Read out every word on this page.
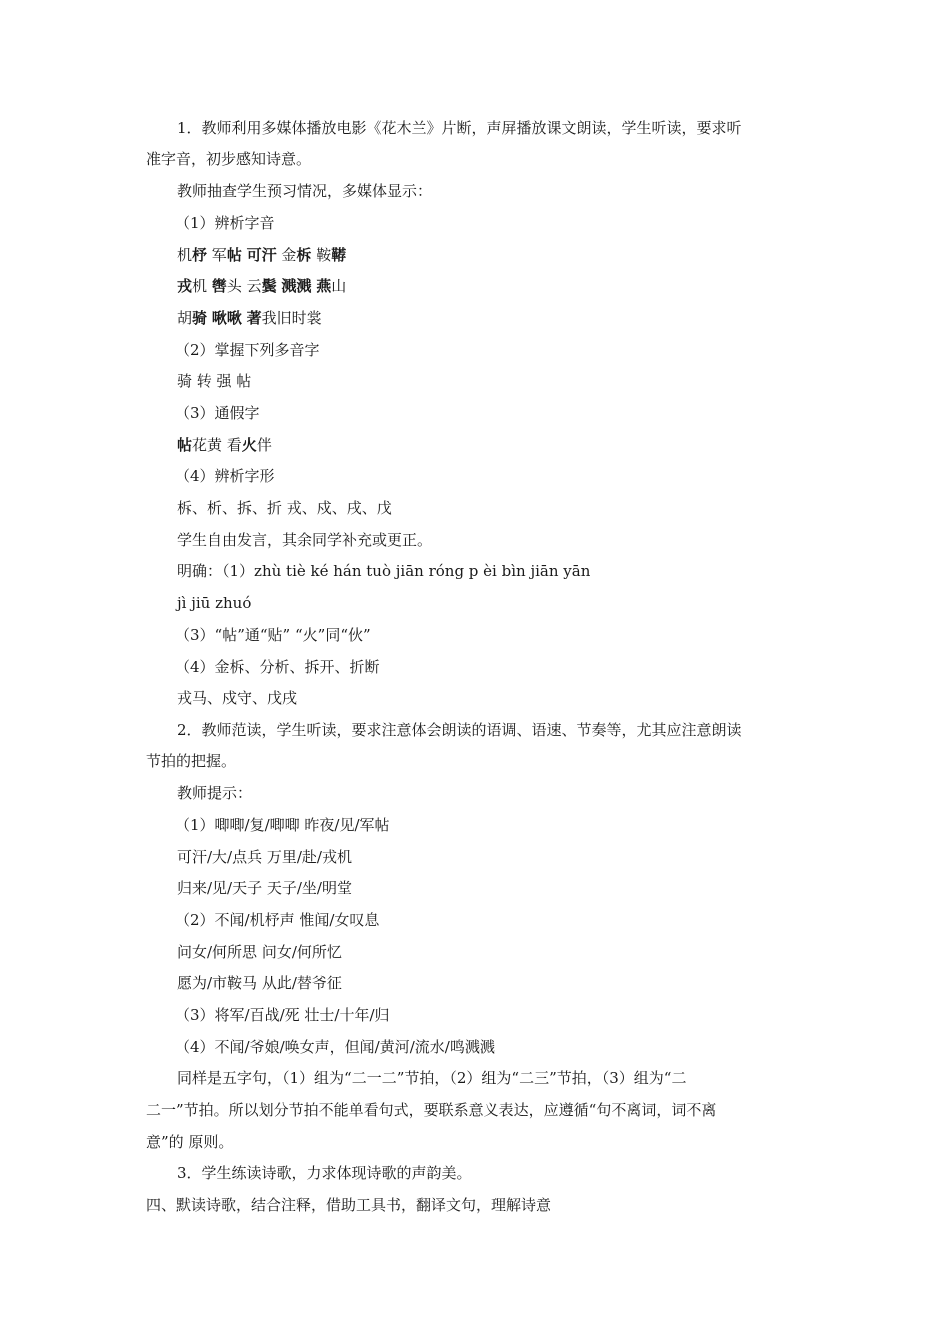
1．教师利用多媒体播放电影《花木兰》片断，声屏播放课文朗读，学生听读，要求听
准字音，初步感知诗意。
教师抽查学生预习情况，多媒体显示：
（1）辨析字音
机杼 军帖 可汗 金柝 鞍鞯
戎机 辔头 云鬓 溅溅 燕山
胡骑 啾啾 著我旧时裳
（2）掌握下列多音字
骑 转 强 帖
（3）通假字
帖花黄 看火伴
（4）辨析字形
柝、析、拆、折 戎、戍、戌、戊
学生自由发言，其余同学补充或更正。
明确：（1）zhù tiè ké hán tuò jiān róng p èi bìn jiān yān
jì jiū zhuó
（3）“帖”通“贴” “火”同“伙”
（4）金柝、分析、拆开、折断
戎马、戍守、戊戌
2．教师范读，学生听读，要求注意体会朗读的语调、语速、节奏等，尤其应注意朗读
节拍的把握。
教师提示：
（1）唧唧/复/唧唧 昨夜/见/军帖
可汗/大/点兵 万里/赴/戎机
归来/见/天子 天子/坐/明堂
（2）不闻/机杼声 惟闻/女叹息
问女/何所思 问女/何所忆
愿为/市鞍马 从此/替爷征
（3）将军/百战/死 壮士/十年/归
（4）不闻/爷娘/唤女声，但闻/黄河/流水/鸣溅溅
同样是五字句，（1）组为“二一二”节拍，（2）组为“二三”节拍，（3）组为“二
二一”节拍。所以划分节拍不能单看句式，要联系意义表达，应遵循“句不离词，词不离
意”的 原则。
3．学生练读诗歌，力求体现诗歌的声韵美。
四、默读诗歌，结合注释，借助工具书，翻译文句，理解诗意
